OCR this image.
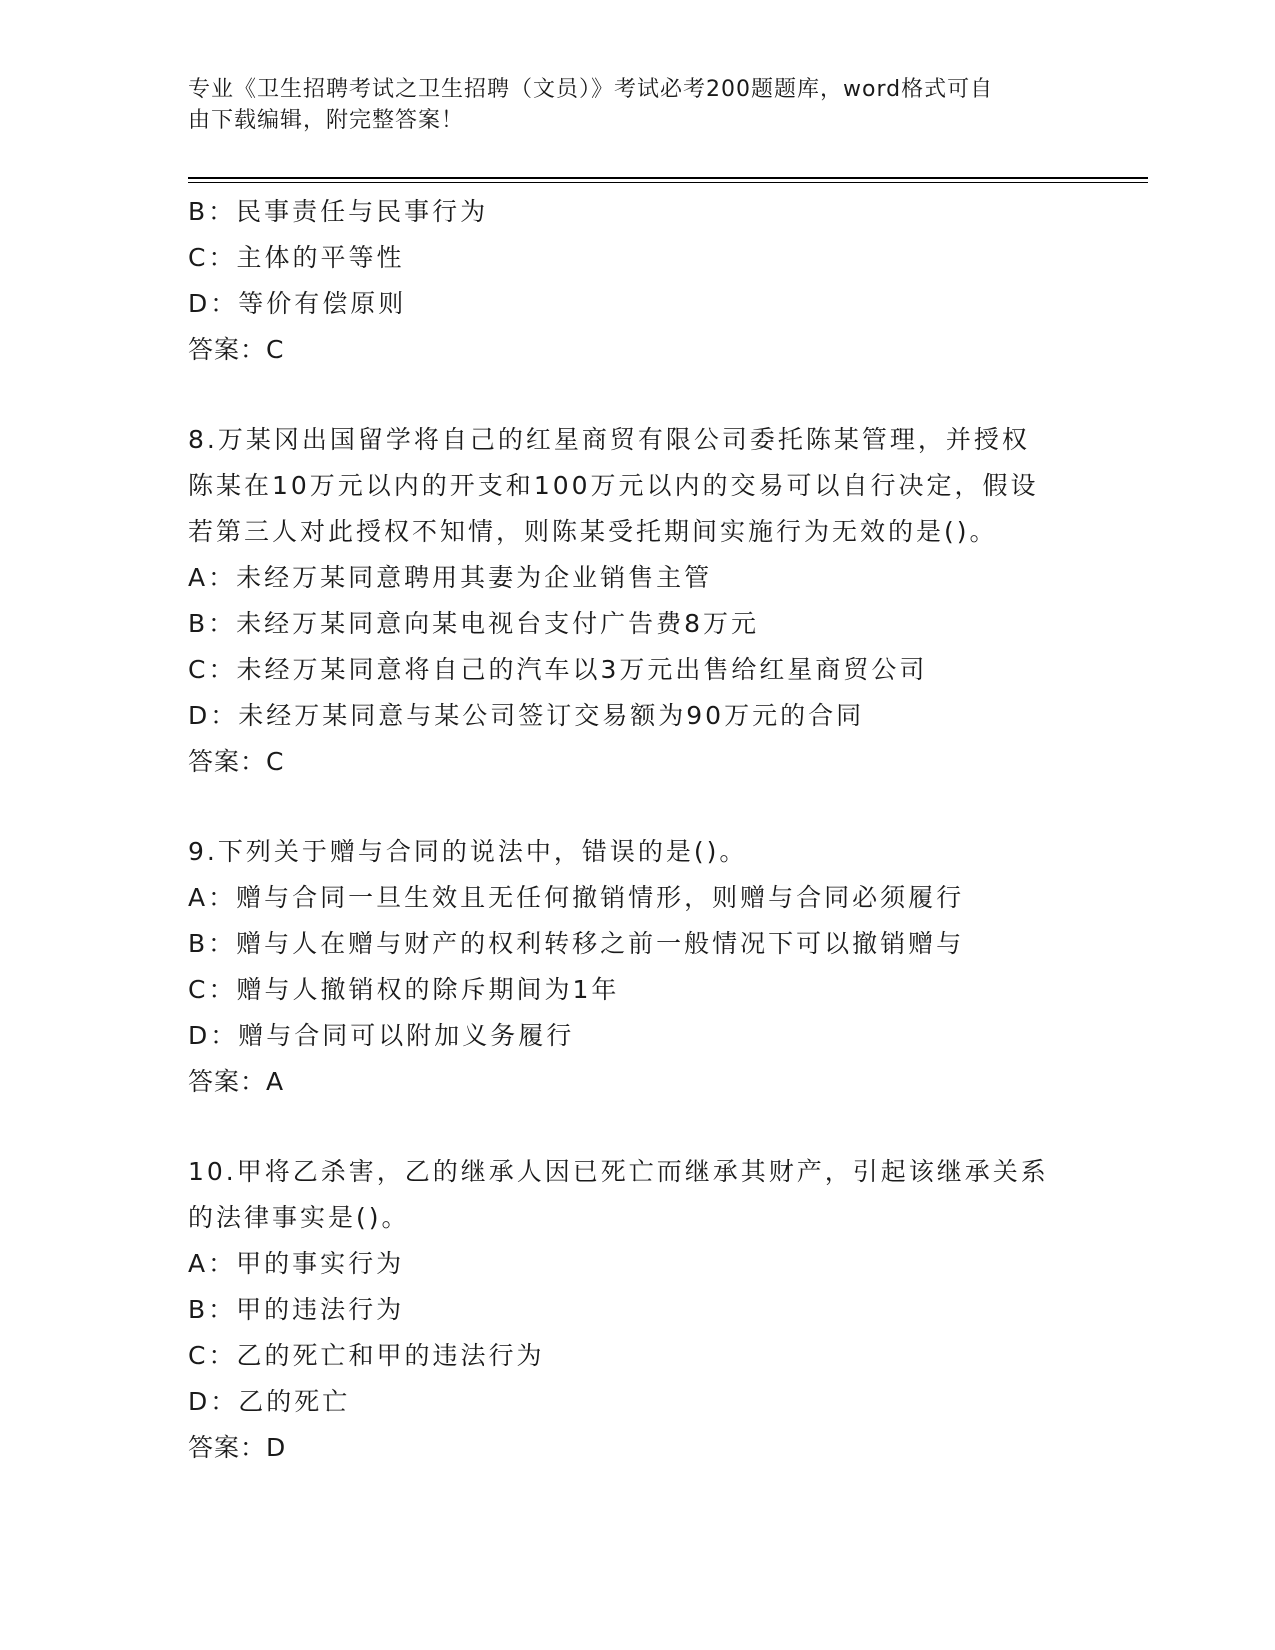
专业《卫生招聘考试之卫生招聘（文员）》考试必考200题题库，word格式可自
由下载编辑，附完整答案！
B：民事责任与民事行为
C：主体的平等性
D：等价有偿原则
答案：C
8.万某冈出国留学将自己的红星商贸有限公司委托陈某管理，并授权
陈某在10万元以内的开支和100万元以内的交易可以自行决定，假设
若第三人对此授权不知情，则陈某受托期间实施行为无效的是()。
A：未经万某同意聘用其妻为企业销售主管
B：未经万某同意向某电视台支付广告费8万元
C：未经万某同意将自己的汽车以3万元出售给红星商贸公司
D：未经万某同意与某公司签订交易额为90万元的合同
答案：C
9.下列关于赠与合同的说法中，错误的是()。
A：赠与合同一旦生效且无任何撤销情形，则赠与合同必须履行
B：赠与人在赠与财产的权利转移之前一般情况下可以撤销赠与
C：赠与人撤销权的除斥期间为1年
D：赠与合同可以附加义务履行
答案：A
10.甲将乙杀害，乙的继承人因已死亡而继承其财产，引起该继承关系
的法律事实是()。
A：甲的事实行为
B：甲的违法行为
C：乙的死亡和甲的违法行为
D：乙的死亡
答案：D
